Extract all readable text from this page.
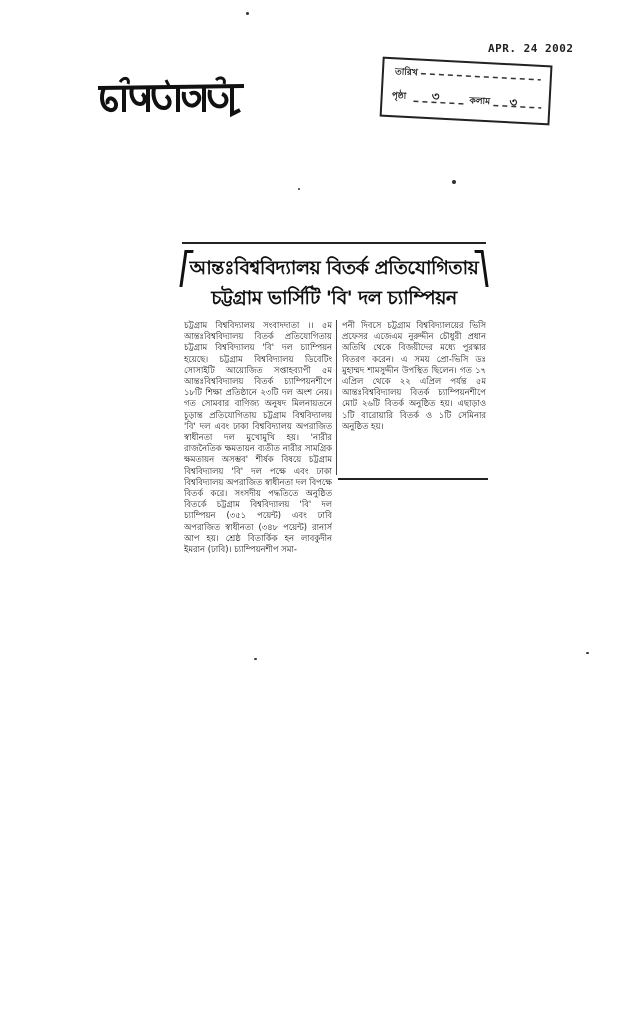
APR. 24 2002
তারিখ
পৃষ্ঠা ৩	কলাম ৩
আন্তঃবিশ্ববিদ্যালয় বিতর্ক প্রতিযোগিতায়
চট্টগ্রাম ভার্সিটি 'বি' দল চ্যাম্পিয়ন
চট্টগ্রাম বিশ্ববিদ্যালয় সংবাদদাতা ।। ৫ম আন্তঃবিশ্ববিদ্যালয় বিতর্ক প্রতিযোগিতায় চট্টগ্রাম বিশ্ববিদ্যালয় 'বি' দল চ্যাম্পিয়ন হয়েছে। চট্টগ্রাম বিশ্ববিদ্যালয় ডিবেটিং সোসাইটি আয়োজিত সপ্তাহব্যাপী ৫ম আন্তঃবিশ্ববিদ্যালয় বিতর্ক চ্যাম্পিয়নশীপে ১৮টি শিক্ষা প্রতিষ্ঠানে ২৩টি দল অংশ নেয়। গত সোমবার বাণিজ্য অনুষদ মিলনায়তনে চূড়ান্ত প্রতিযোগিতায় চট্টগ্রাম বিশ্ববিদ্যালয় 'বি' দল এবং ঢাকা বিশ্ববিদ্যালয় অপরাজিত স্বাধীনতা দল মুখোমুখি হয়। 'নারীর রাজনৈতিক ক্ষমতায়ন ব্যতীত নারীর সামগ্রিক ক্ষমতায়ন অসম্ভব' শীর্ষক বিষয়ে চট্টগ্রাম বিশ্ববিদ্যালয় 'বি' দল পক্ষে এবং ঢাকা বিশ্ববিদ্যালয় অপরাজিত স্বাধীনতা দল বিপক্ষে বিতর্ক করে। সংসদীয় পদ্ধতিতে অনুষ্ঠিত বিতর্কে চট্টগ্রাম বিশ্ববিদ্যালয় 'বি' দল চ্যাম্পিয়ন (৩৫১ পয়েন্ট) এবং ঢাবি অপরাজিত স্বাধীনতা (৩৪৮ পয়েন্ট) রানার্স আপ হয়। শ্রেষ্ঠ বিতার্কিক হন লাবকুদীন ইমরান (ঢাবি)। চ্যাম্পিয়নশীপ সমা-
পনী দিবসে চট্টগ্রাম বিশ্ববিদ্যালয়ের ভিসি প্রফেসর এজেএম নুরুদ্দীন চৌধুরী প্রধান অতিথি থেকে বিজয়ীদের মধ্যে পুরস্কার বিতরণ করেন। এ সময় প্রো-ভিসি ডঃ মুহাম্মদ শামসুদ্দীন উপস্থিত ছিলেন। গত ১৭ এপ্রিল থেকে ২২ এপ্রিল পর্যন্ত ৫ম আন্তঃবিশ্ববিদ্যালয় বিতর্ক চ্যাম্পিয়নশীপে মোট ২৬টি বিতর্ক অনুষ্ঠিত হয়। এছাড়াও ১টি বারোয়ারি বিতর্ক ও ১টি সেমিনার অনুষ্ঠিত হয়।
